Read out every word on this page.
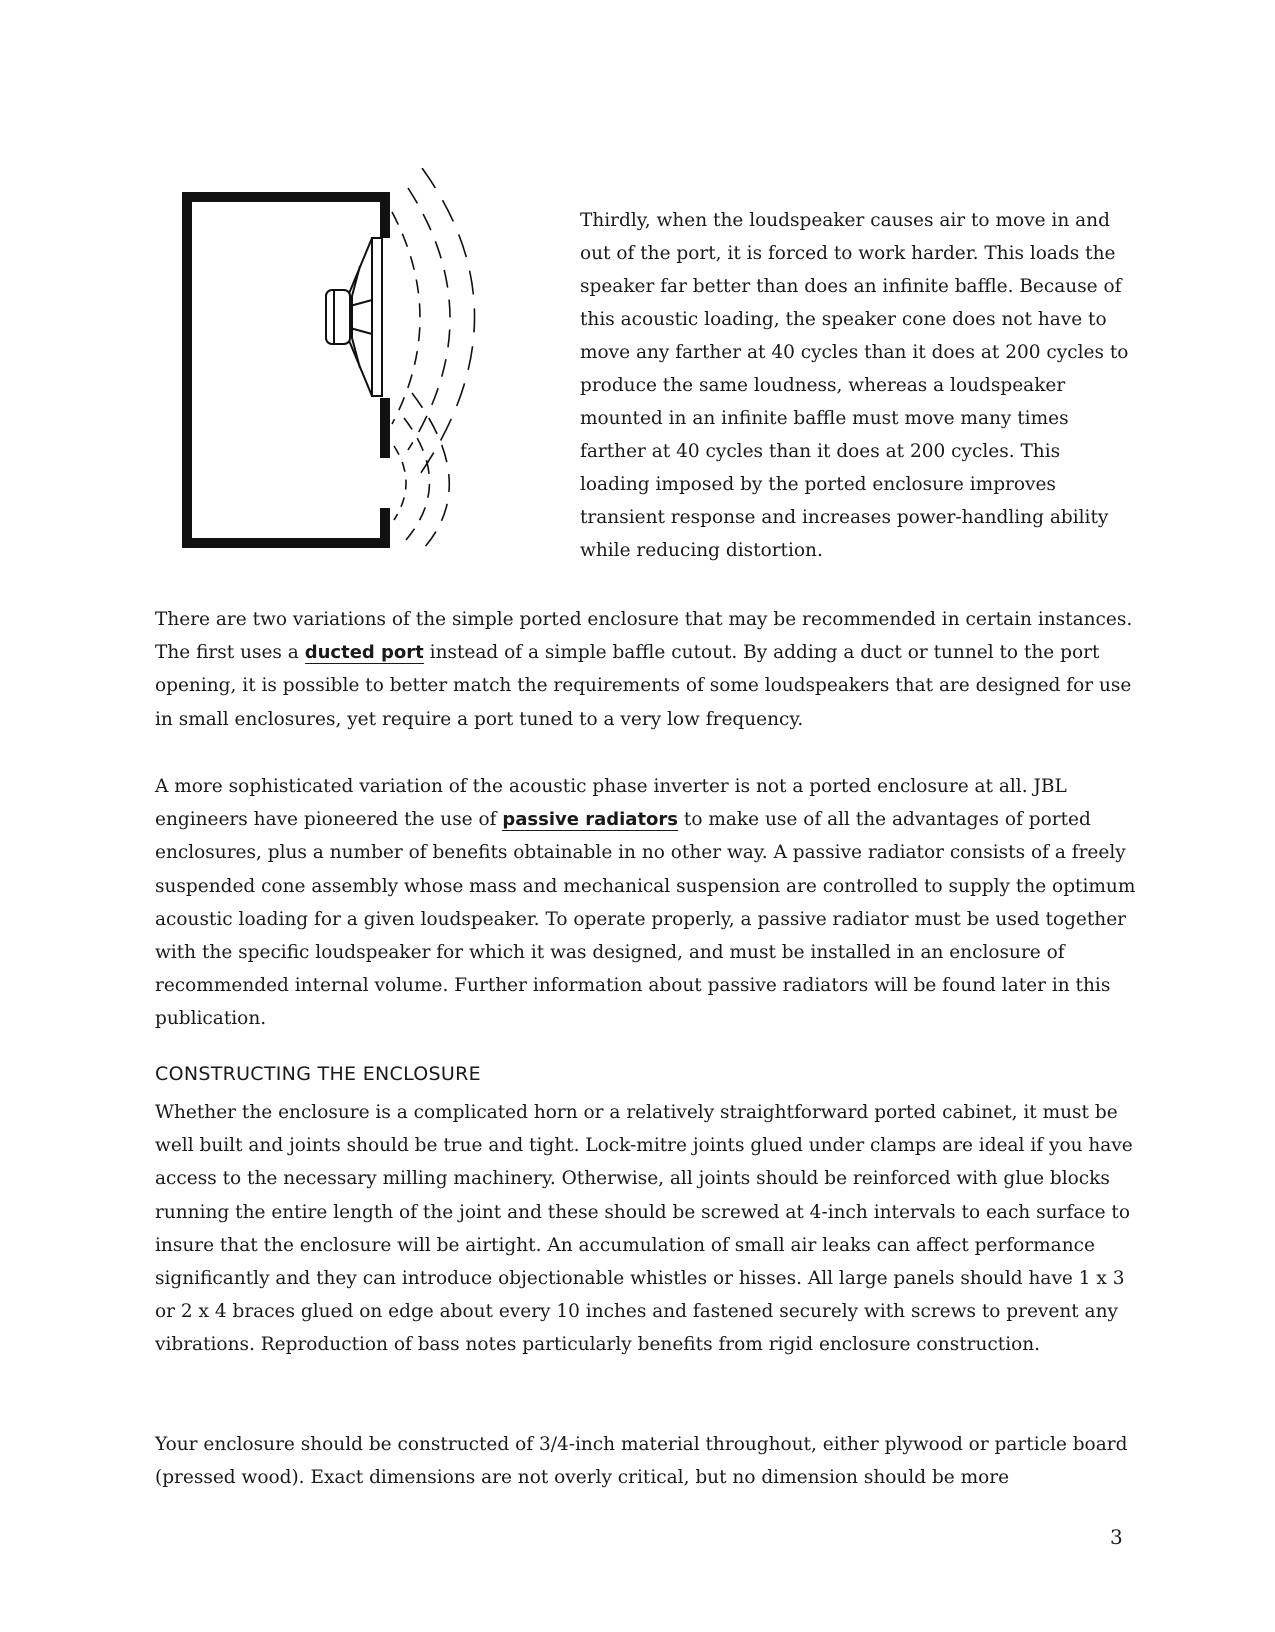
Thirdly, when the loudspeaker causes air to move in and out of the port, it is forced to work harder. This loads the speaker far better than does an infinite baffle. Because of this acoustic loading, the speaker cone does not have to move any farther at 40 cycles than it does at 200 cycles to produce the same loudness, whereas a loudspeaker mounted in an infinite baffle must move many times farther at 40 cycles than it does at 200 cycles. This loading imposed by the ported enclosure improves transient response and increases power-handling ability while reducing distortion.
There are two variations of the simple ported enclosure that may be recommended in certain instances. The first uses a ducted port instead of a simple baffle cutout. By adding a duct or tunnel to the port opening, it is possible to better match the requirements of some loudspeakers that are designed for use in small enclosures, yet require a port tuned to a very low frequency.
A more sophisticated variation of the acoustic phase inverter is not a ported enclosure at all. JBL engineers have pioneered the use of passive radiators to make use of all the advantages of ported enclosures, plus a number of benefits obtainable in no other way. A passive radiator consists of a freely suspended cone assembly whose mass and mechanical suspension are controlled to supply the optimum acoustic loading for a given loudspeaker. To operate properly, a passive radiator must be used together with the specific loudspeaker for which it was designed, and must be installed in an enclosure of recommended internal volume. Further information about passive radiators will be found later in this publication.
CONSTRUCTING THE ENCLOSURE
Whether the enclosure is a complicated horn or a relatively straightforward ported cabinet, it must be well built and joints should be true and tight. Lock-mitre joints glued under clamps are ideal if you have access to the necessary milling machinery. Otherwise, all joints should be reinforced with glue blocks running the entire length of the joint and these should be screwed at 4-inch intervals to each surface to insure that the enclosure will be airtight. An accumulation of small air leaks can affect performance significantly and they can introduce objectionable whistles or hisses. All large panels should have 1 x 3 or 2 x 4 braces glued on edge about every 10 inches and fastened securely with screws to prevent any vibrations. Reproduction of bass notes particularly benefits from rigid enclosure construction.
Your enclosure should be constructed of 3/4-inch material throughout, either plywood or particle board (pressed wood). Exact dimensions are not overly critical, but no dimension should be more
3
